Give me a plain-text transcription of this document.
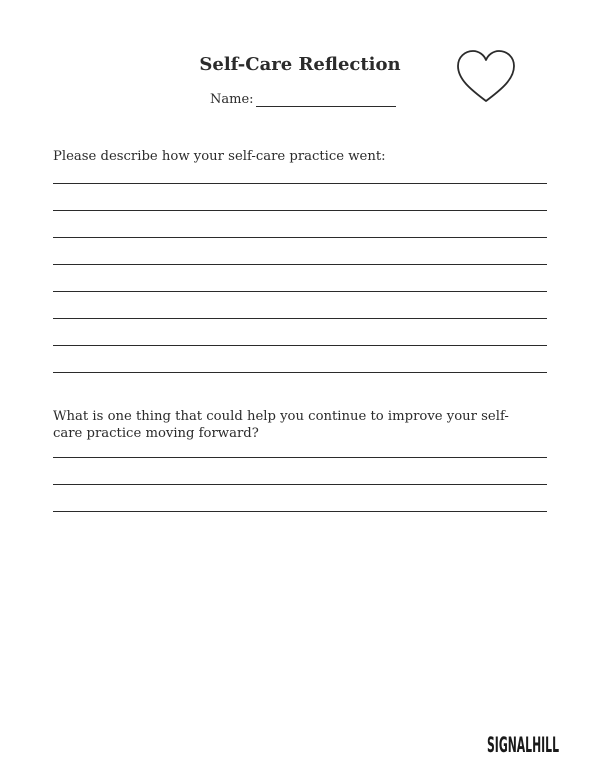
Self-Care Reflection
Name:
Please describe how your self-care practice went:
What is one thing that could help you continue to improve your self-care practice moving forward?
SIGNALHILL
